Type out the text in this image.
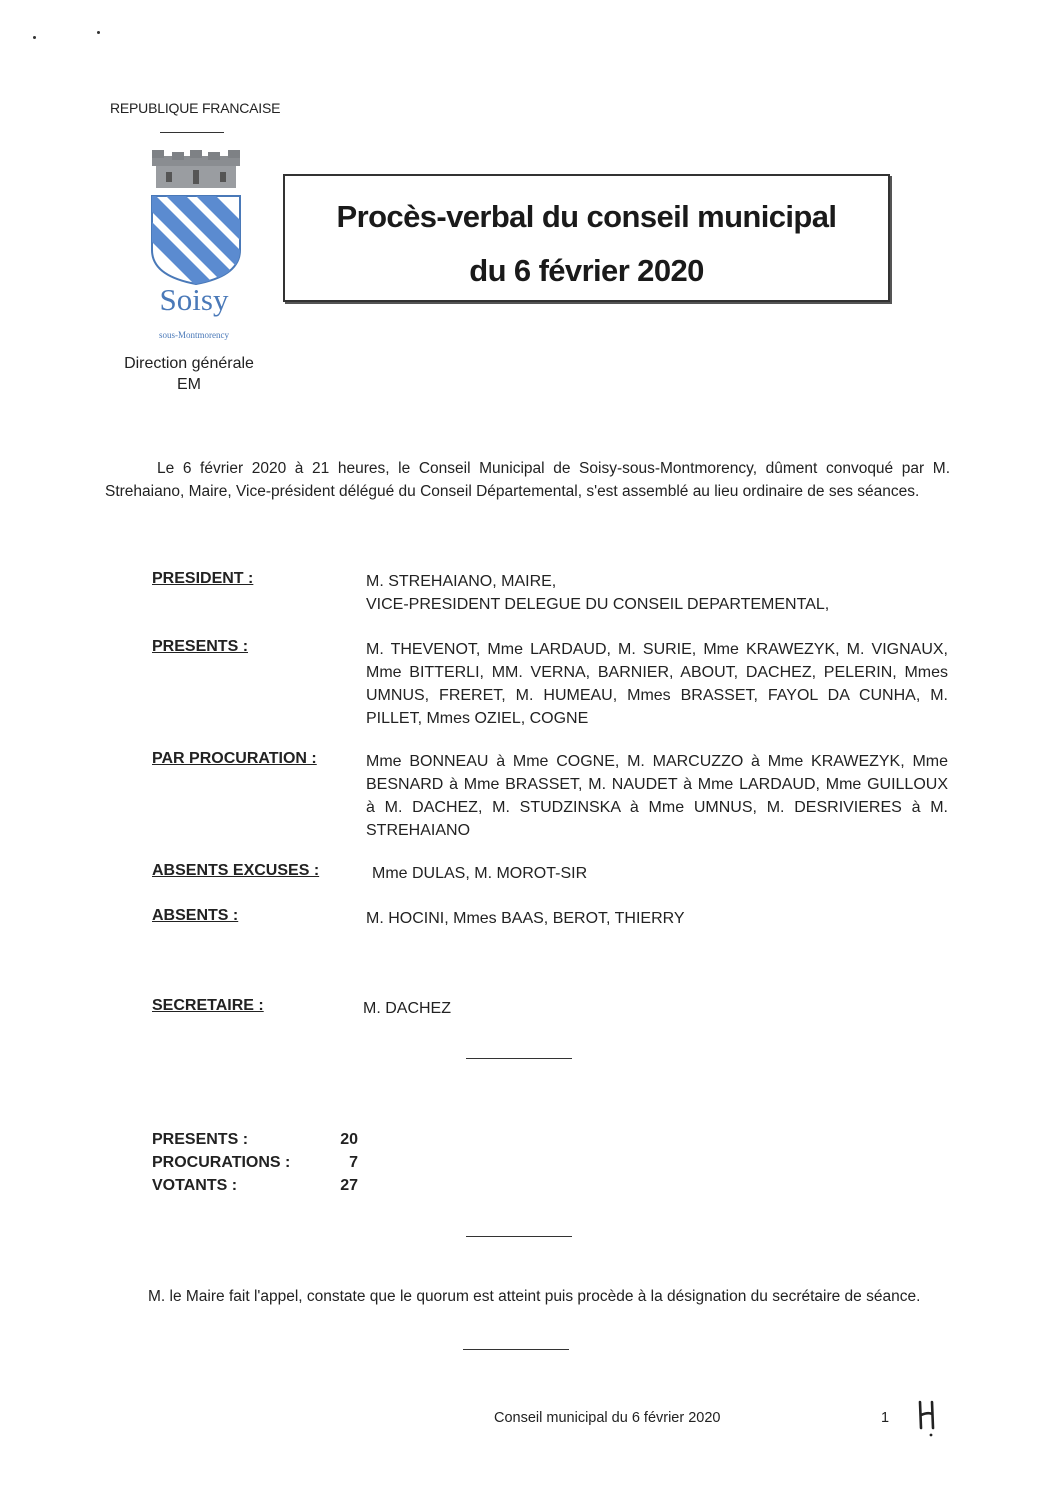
REPUBLIQUE FRANCAISE
Soisy
sous-Montmorency
Direction générale
EM
Procès-verbal du conseil municipal
du 6 février 2020
Le 6 février 2020 à 21 heures, le Conseil Municipal de Soisy-sous-Montmorency, dûment convoqué par M. Strehaiano, Maire, Vice-président délégué du Conseil Départemental, s'est assemblé au lieu ordinaire de ses séances.
PRESIDENT :	M. STREHAIANO, MAIRE,
VICE-PRESIDENT DELEGUE DU CONSEIL DEPARTEMENTAL,
PRESENTS :	M. THEVENOT, Mme LARDAUD, M. SURIE, Mme KRAWEZYK, M. VIGNAUX, Mme BITTERLI, MM. VERNA, BARNIER, ABOUT, DACHEZ, PELERIN, Mmes UMNUS, FRERET, M. HUMEAU, Mmes BRASSET, FAYOL DA CUNHA, M. PILLET, Mmes OZIEL, COGNE
PAR PROCURATION :	Mme BONNEAU à Mme COGNE, M. MARCUZZO à Mme KRAWEZYK, Mme BESNARD à Mme BRASSET, M. NAUDET à Mme LARDAUD, Mme GUILLOUX à M. DACHEZ, M. STUDZINSKA à Mme UMNUS, M. DESRIVIERES à M. STREHAIANO
ABSENTS EXCUSES :	Mme DULAS, M. MOROT-SIR
ABSENTS :	M. HOCINI, Mmes BAAS, BEROT, THIERRY
SECRETAIRE :	M. DACHEZ
PRESENTS :	20
PROCURATIONS :	7
VOTANTS :	27
M. le Maire fait l'appel, constate que le quorum est atteint puis procède à la désignation du secrétaire de séance.
Conseil municipal du 6 février 2020	1
